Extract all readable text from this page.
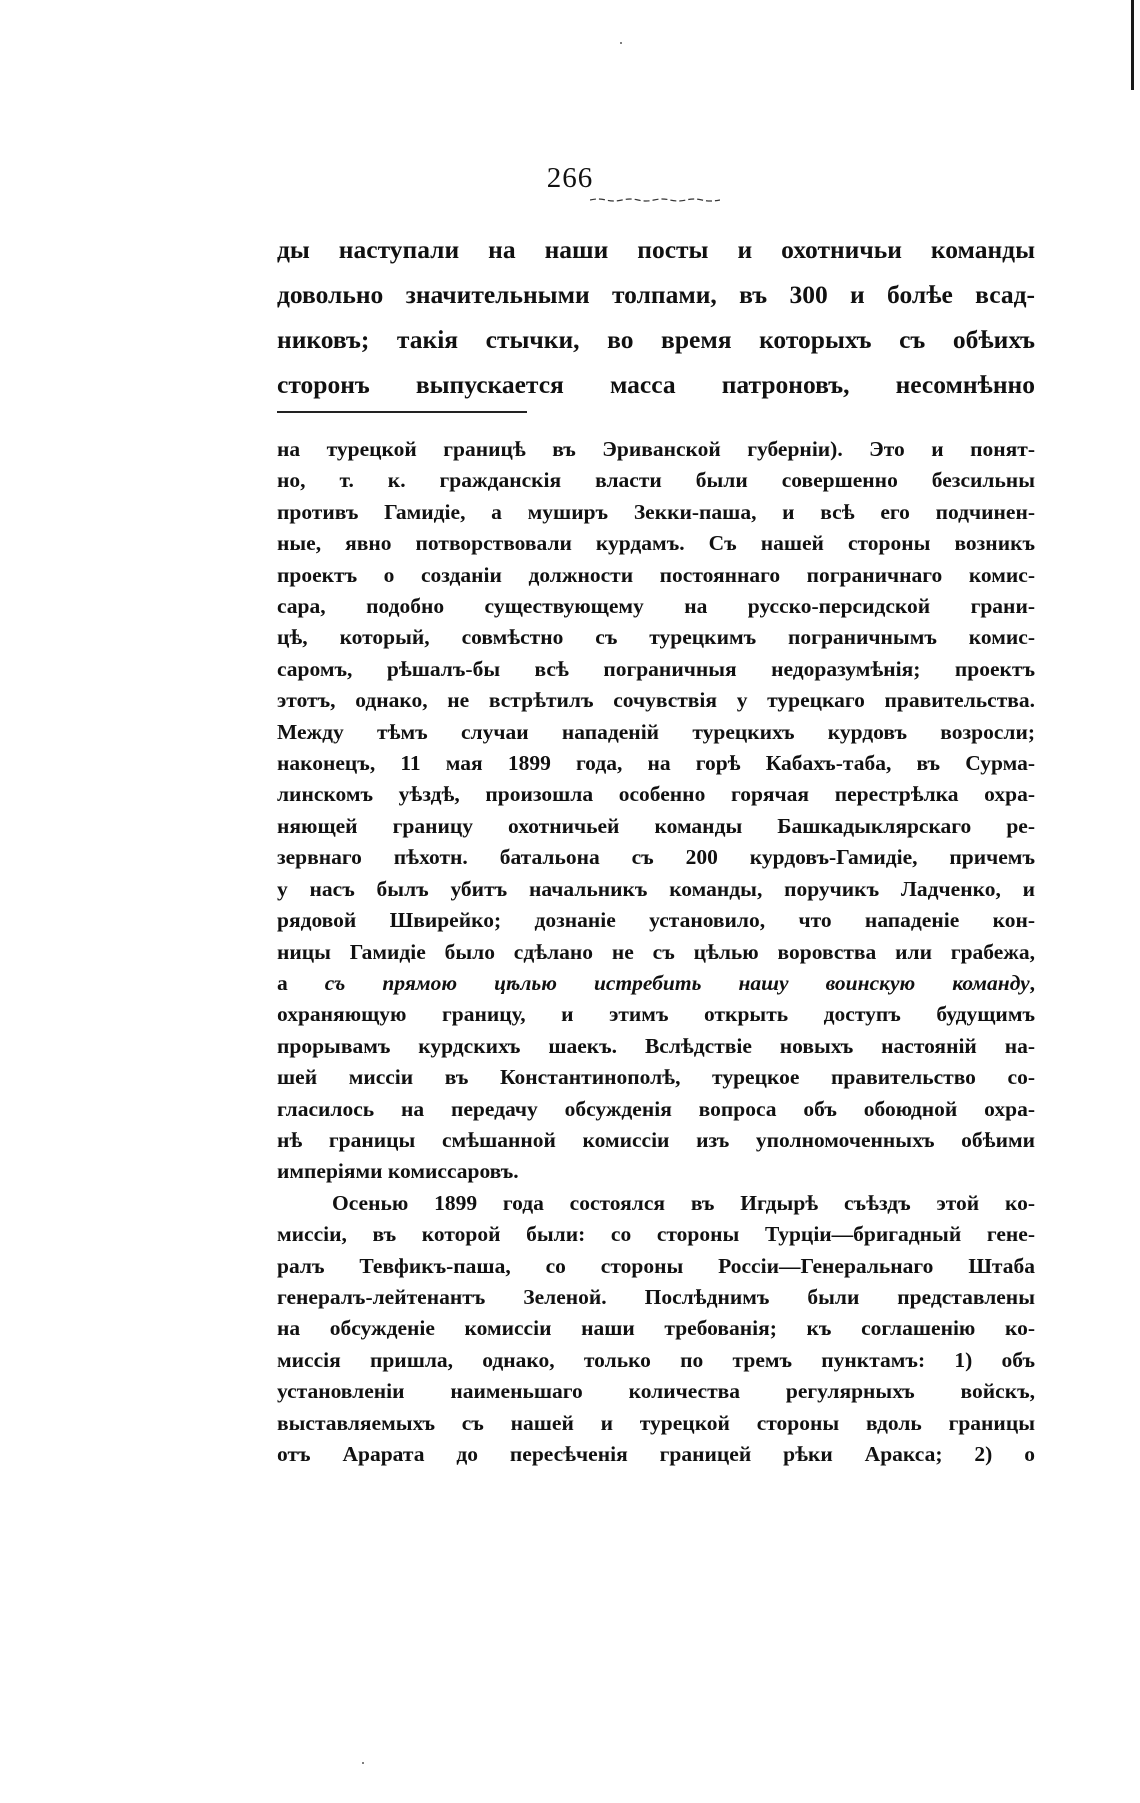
266
ды наступали на наши посты и охотничьи команды
довольно значительными толпами, въ 300 и болѣе всад-
никовъ; такія стычки, во время которыхъ съ обѣихъ
сторонъ выпускается масса патроновъ, несомнѣнно
на турецкой границѣ въ Эриванской губерніи). Это и понят-
но, т. к. гражданскія власти были совершенно безсильны
противъ Гамидіе, а муширъ Зекки-паша, и всѣ его подчинен-
ные, явно потворствовали курдамъ. Съ нашей стороны возникъ
проектъ о созданіи должности постояннаго пограничнаго комис-
сара, подобно существующему на русско-персидской грани-
цѣ, который, совмѣстно съ турецкимъ пограничнымъ комис-
саромъ, рѣшалъ-бы всѣ пограничныя недоразумѣнія; проектъ
этотъ, однако, не встрѣтилъ сочувствія у турецкаго правительства.
Между тѣмъ случаи нападеній турецкихъ курдовъ возросли;
наконецъ, 11 мая 1899 года, на горѣ Кабахъ-таба, въ Сурма-
линскомъ уѣздѣ, произошла особенно горячая перестрѣлка охра-
няющей границу охотничьей команды Башкадыклярскаго ре-
зервнаго пѣхотн. батальона съ 200 курдовъ-Гамидіе, причемъ
у насъ былъ убитъ начальникъ команды, поручикъ Ладченко, и
рядовой Швирейко; дознаніе установило, что нападеніе кон-
ницы Гамидіе было сдѣлано не съ цѣлью воровства или грабежа,
а съ прямою цѣлью истребить нашу воинскую команду,
охраняющую границу, и этимъ открыть доступъ будущимъ
прорывамъ курдскихъ шаекъ. Вслѣдствіе новыхъ настояній на-
шей миссіи въ Константинополѣ, турецкое правительство со-
гласилось на передачу обсужденія вопроса объ обоюдной охра-
нѣ границы смѣшанной комиссіи изъ уполномоченныхъ обѣими
имперіями комиссаровъ.
Осенью 1899 года состоялся въ Игдырѣ съѣздъ этой ко-
миссіи, въ которой были: со стороны Турціи—бригадный гене-
ралъ Тевфикъ-паша, со стороны Россіи—Генеральнаго Штаба
генералъ-лейтенантъ Зеленой. Послѣднимъ были представлены
на обсужденіе комиссіи наши требованія; къ соглашенію ко-
миссія пришла, однако, только по тремъ пунктамъ: 1) объ
установленіи наименьшаго количества регулярныхъ войскъ,
выставляемыхъ съ нашей и турецкой стороны вдоль границы
отъ Арарата до пересѣченія границей рѣки Аракса; 2) о
